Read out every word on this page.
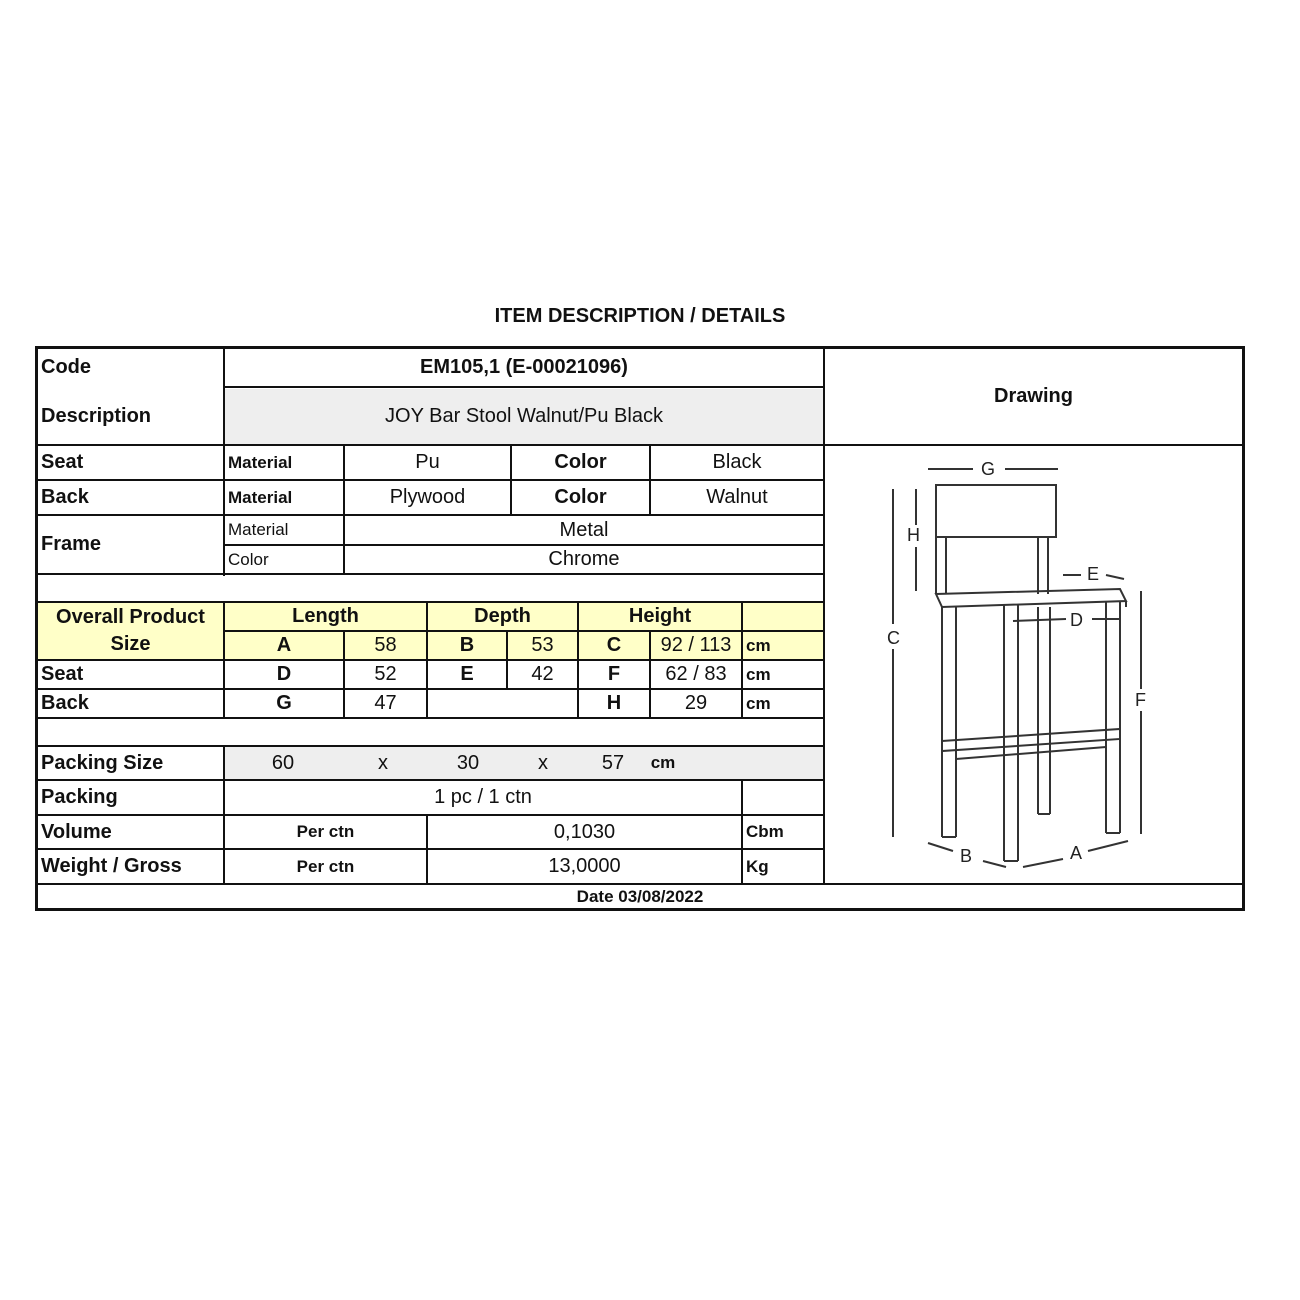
ITEM DESCRIPTION / DETAILS
Code	EM105,1 (E-00021096)
Description	JOY Bar Stool Walnut/Pu Black
Drawing
Seat	Material	Pu	Color	Black
Back	Material	Plywood	Color	Walnut
Frame
Material	Metal
Color	Chrome
Overall Product
Size
Length	Depth	Height
A	58	B	53	C	92 / 113 cm
Seat	D	52	E	42	F	62 / 83	cm
Back	G	47	H	29	cm
Packing Size	60	x	30	x	57	cm
Packing	1 pc / 1 ctn
Volume	Per ctn	0,1030	Cbm
Weight / Gross	Per ctn	13,0000	Kg
Date 03/08/2022
G
H
E
D
C
F
B	A
